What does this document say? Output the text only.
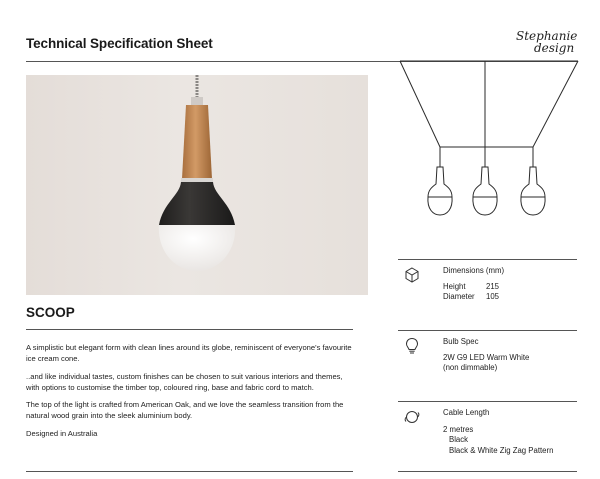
Technical Specification Sheet	Stephanie
design
SCOOP

A simplistic but elegant form with clean lines around its globe, reminiscent of everyone's favourite ice cream cone.

..and like individual tastes, custom finishes can be chosen to suit various interiors and themes, with options to customise the timber top, coloured ring, base and fabric cord to match.

The top of the light is crafted from American Oak, and we love the seamless transition from the natural wood grain into the sleek aluminium body.

Designed in Australia

Dimensions (mm)
Height	215
Diameter	105
Bulb Spec
2W G9 LED Warm White
(non dimmable)
Cable Length
2 metres
Black
Black & White Zig Zag Pattern
